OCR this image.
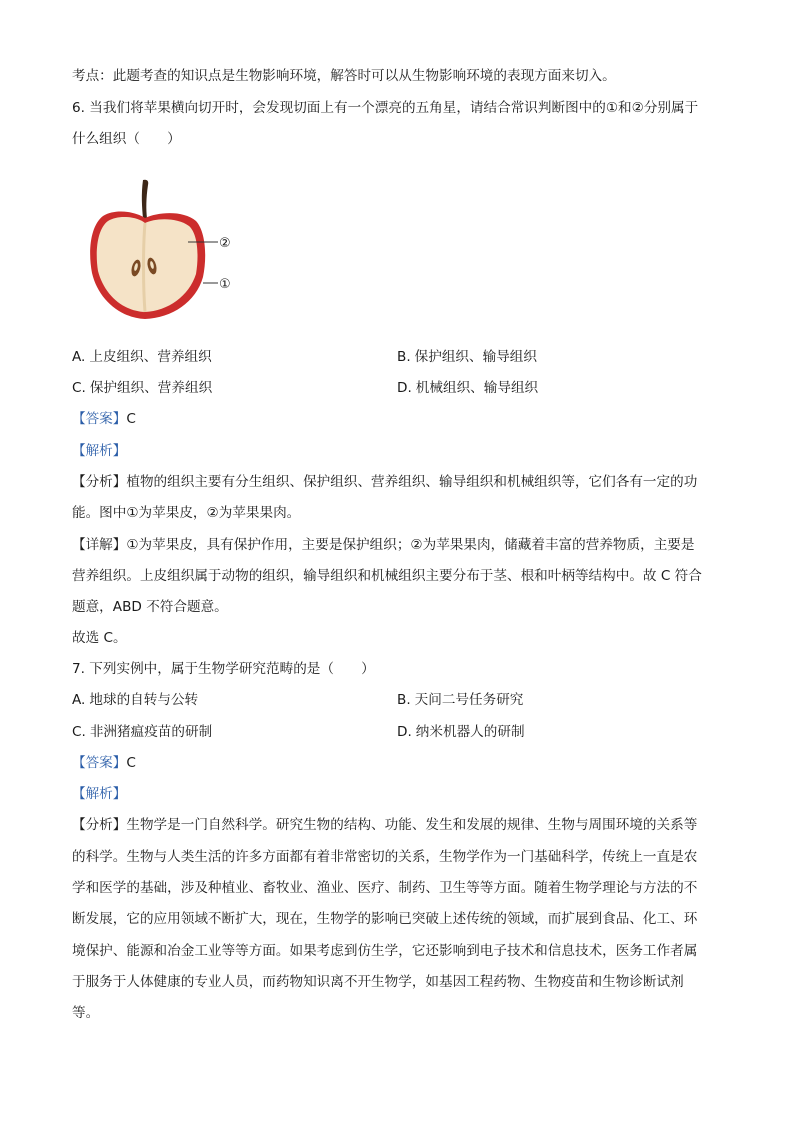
考点：此题考查的知识点是生物影响环境，解答时可以从生物影响环境的表现方面来切入。
6. 当我们将苹果横向切开时，会发现切面上有一个漂亮的五角星，请结合常识判断图中的①和②分别属于
什么组织（　　）
②
①
A. 上皮组织、营养组织	B. 保护组织、输导组织
C. 保护组织、营养组织	D. 机械组织、输导组织
【答案】C
【解析】
【分析】植物的组织主要有分生组织、保护组织、营养组织、输导组织和机械组织等，它们各有一定的功
能。图中①为苹果皮，②为苹果果肉。
【详解】①为苹果皮，具有保护作用，主要是保护组织；②为苹果果肉，储藏着丰富的营养物质，主要是
营养组织。上皮组织属于动物的组织，输导组织和机械组织主要分布于茎、根和叶柄等结构中。故 C 符合
题意，ABD 不符合题意。
故选 C。
7. 下列实例中，属于生物学研究范畴的是（　　）
A. 地球的自转与公转	B. 天问二号任务研究
C. 非洲猪瘟疫苗的研制	D. 纳米机器人的研制
【答案】C
【解析】
【分析】生物学是一门自然科学。研究生物的结构、功能、发生和发展的规律、生物与周围环境的关系等
的科学。生物与人类生活的许多方面都有着非常密切的关系，生物学作为一门基础科学，传统上一直是农
学和医学的基础，涉及种植业、畜牧业、渔业、医疗、制药、卫生等等方面。随着生物学理论与方法的不
断发展，它的应用领域不断扩大，现在，生物学的影响已突破上述传统的领域，而扩展到食品、化工、环
境保护、能源和冶金工业等等方面。如果考虑到仿生学，它还影响到电子技术和信息技术，医务工作者属
于服务于人体健康的专业人员，而药物知识离不开生物学，如基因工程药物、生物疫苗和生物诊断试剂
等。
